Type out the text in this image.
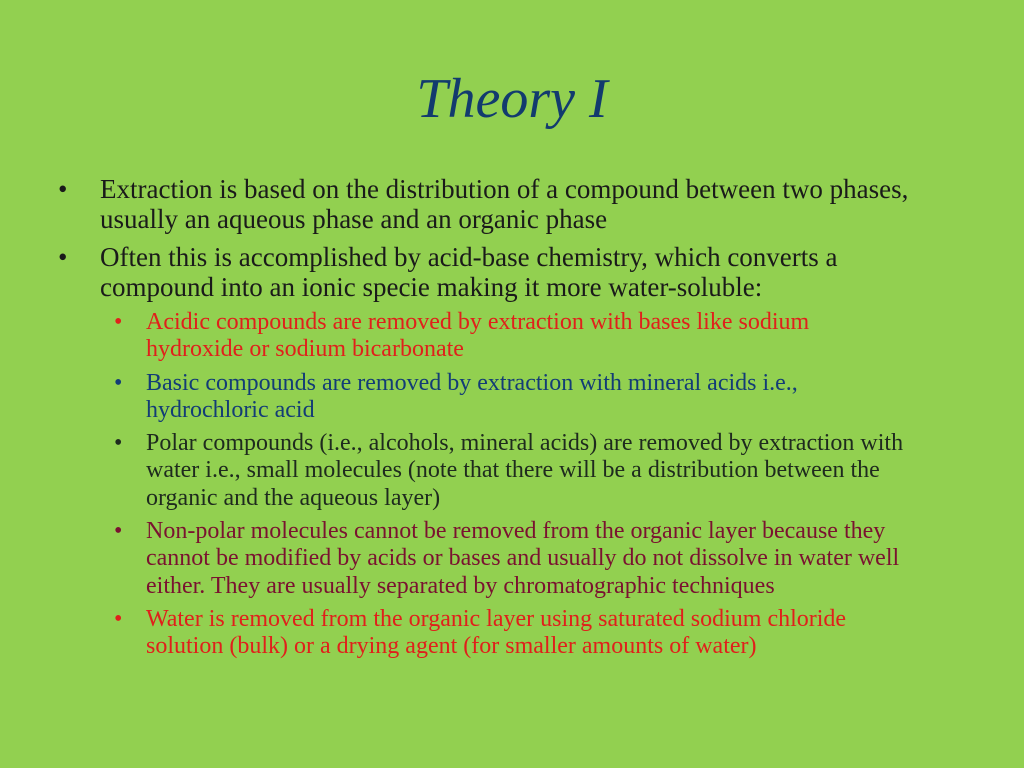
Theory I
•	Extraction is based on the distribution of a compound between two phases, usually an aqueous phase and an organic phase
•	Often this is accomplished by acid-base chemistry, which converts a compound into an ionic specie making it more water-soluble:
• Acidic compounds are removed by extraction with bases like sodium hydroxide or sodium bicarbonate
• Basic compounds are removed by extraction with mineral acids i.e., hydrochloric acid
• Polar compounds (i.e., alcohols, mineral acids) are removed by extraction with water i.e., small molecules (note that there will be a distribution between the organic and the aqueous layer)
• Non-polar molecules cannot be removed from the organic layer because they cannot be modified by acids or bases and usually do not dissolve in water well either. They are usually separated by chromatographic techniques
• Water is removed from the organic layer using saturated sodium chloride solution (bulk) or a drying agent (for smaller amounts of water)
